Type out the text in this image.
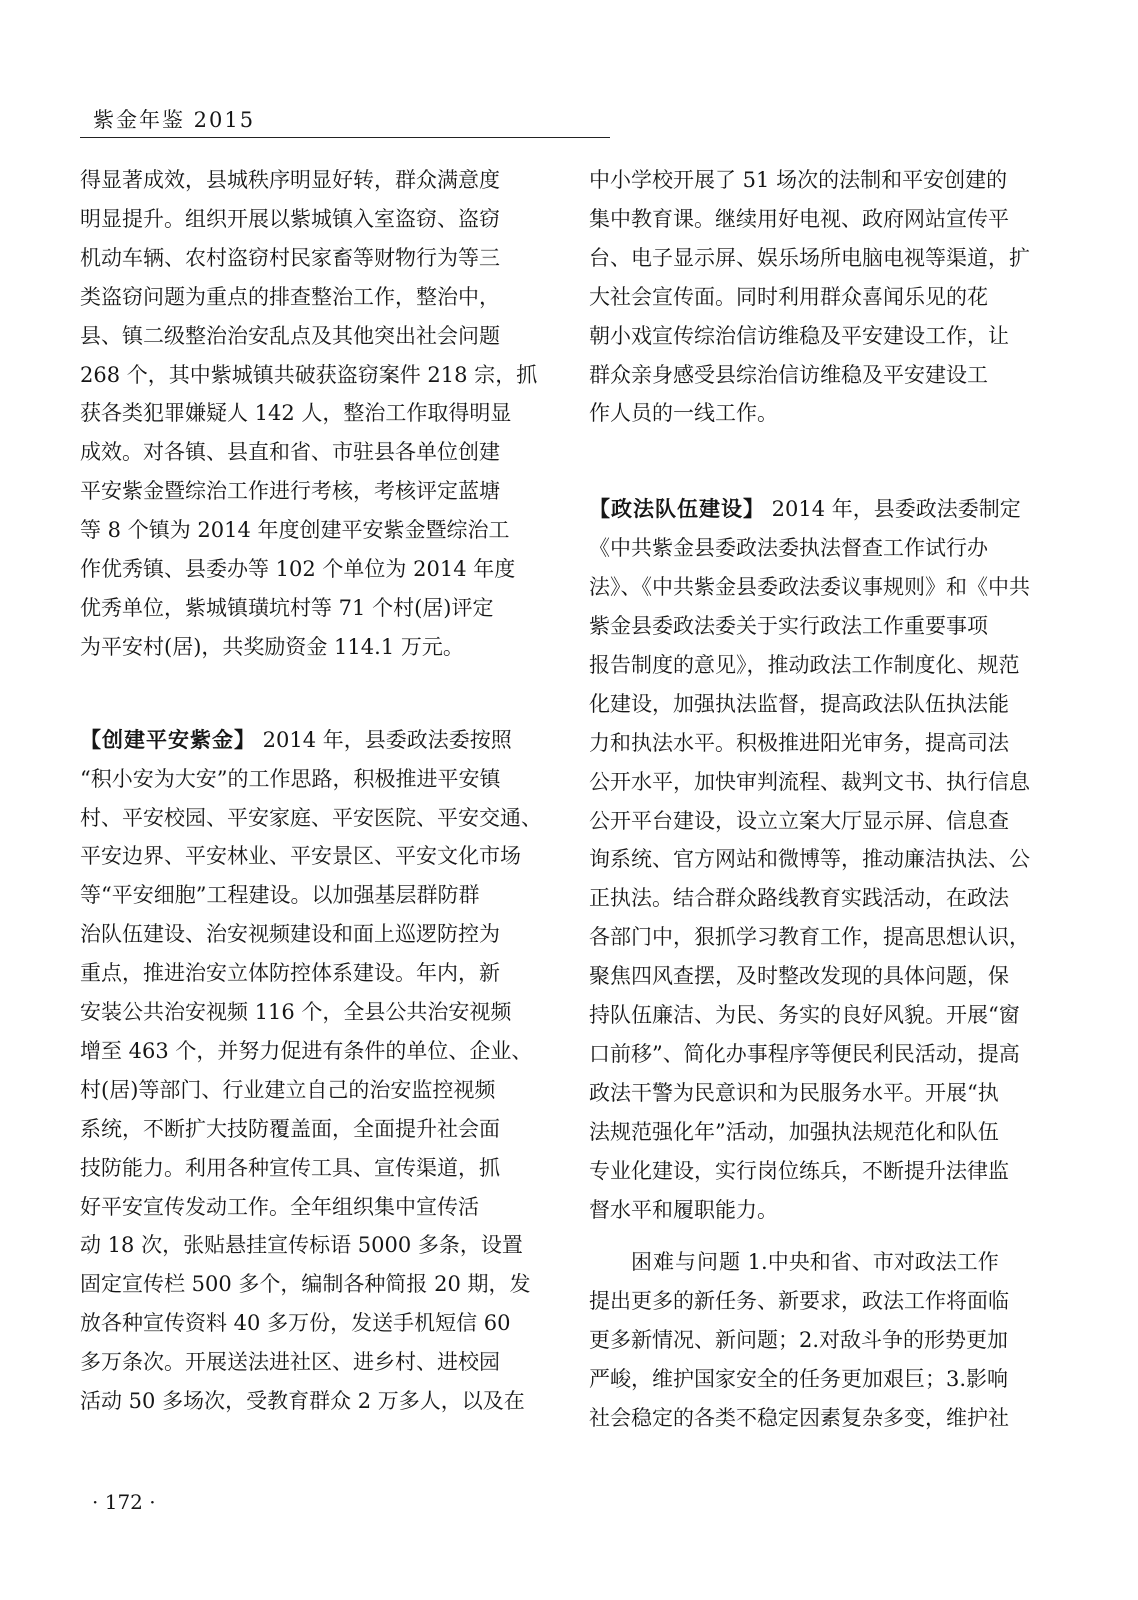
紫金年鉴 2015
得显著成效，县城秩序明显好转，群众满意度
明显提升。组织开展以紫城镇入室盗窃、盗窃
机动车辆、农村盗窃村民家畜等财物行为等三
类盗窃问题为重点的排查整治工作，整治中，
县、镇二级整治治安乱点及其他突出社会问题
268 个，其中紫城镇共破获盗窃案件 218 宗，抓
获各类犯罪嫌疑人 142 人，整治工作取得明显
成效。对各镇、县直和省、市驻县各单位创建
平安紫金暨综治工作进行考核，考核评定蓝塘
等 8 个镇为 2014 年度创建平安紫金暨综治工
作优秀镇、县委办等 102 个单位为 2014 年度
优秀单位，紫城镇璜坑村等 71 个村(居)评定
为平安村(居)，共奖励资金 114.1 万元。
【创建平安紫金】 2014 年，县委政法委按照
“积小安为大安”的工作思路，积极推进平安镇
村、平安校园、平安家庭、平安医院、平安交通、
平安边界、平安林业、平安景区、平安文化市场
等“平安细胞”工程建设。以加强基层群防群
治队伍建设、治安视频建设和面上巡逻防控为
重点，推进治安立体防控体系建设。年内，新
安装公共治安视频 116 个，全县公共治安视频
增至 463 个，并努力促进有条件的单位、企业、
村(居)等部门、行业建立自己的治安监控视频
系统，不断扩大技防覆盖面，全面提升社会面
技防能力。利用各种宣传工具、宣传渠道，抓
好平安宣传发动工作。全年组织集中宣传活
动 18 次，张贴悬挂宣传标语 5000 多条，设置
固定宣传栏 500 多个，编制各种简报 20 期，发
放各种宣传资料 40 多万份，发送手机短信 60
多万条次。开展送法进社区、进乡村、进校园
活动 50 多场次，受教育群众 2 万多人，以及在
中小学校开展了 51 场次的法制和平安创建的
集中教育课。继续用好电视、政府网站宣传平
台、电子显示屏、娱乐场所电脑电视等渠道，扩
大社会宣传面。同时利用群众喜闻乐见的花
朝小戏宣传综治信访维稳及平安建设工作，让
群众亲身感受县综治信访维稳及平安建设工
作人员的一线工作。
【政法队伍建设】 2014 年，县委政法委制定
《中共紫金县委政法委执法督查工作试行办
法》、《中共紫金县委政法委议事规则》和《中共
紫金县委政法委关于实行政法工作重要事项
报告制度的意见》，推动政法工作制度化、规范
化建设，加强执法监督，提高政法队伍执法能
力和执法水平。积极推进阳光审务，提高司法
公开水平，加快审判流程、裁判文书、执行信息
公开平台建设，设立立案大厅显示屏、信息查
询系统、官方网站和微博等，推动廉洁执法、公
正执法。结合群众路线教育实践活动，在政法
各部门中，狠抓学习教育工作，提高思想认识，
聚焦四风查摆，及时整改发现的具体问题，保
持队伍廉洁、为民、务实的良好风貌。开展“窗
口前移”、简化办事程序等便民利民活动，提高
政法干警为民意识和为民服务水平。开展“执
法规范强化年”活动，加强执法规范化和队伍
专业化建设，实行岗位练兵，不断提升法律监
督水平和履职能力。
困难与问题 1.中央和省、市对政法工作
提出更多的新任务、新要求，政法工作将面临
更多新情况、新问题；2.对敌斗争的形势更加
严峻，维护国家安全的任务更加艰巨；3.影响
社会稳定的各类不稳定因素复杂多变，维护社
· 172 ·
